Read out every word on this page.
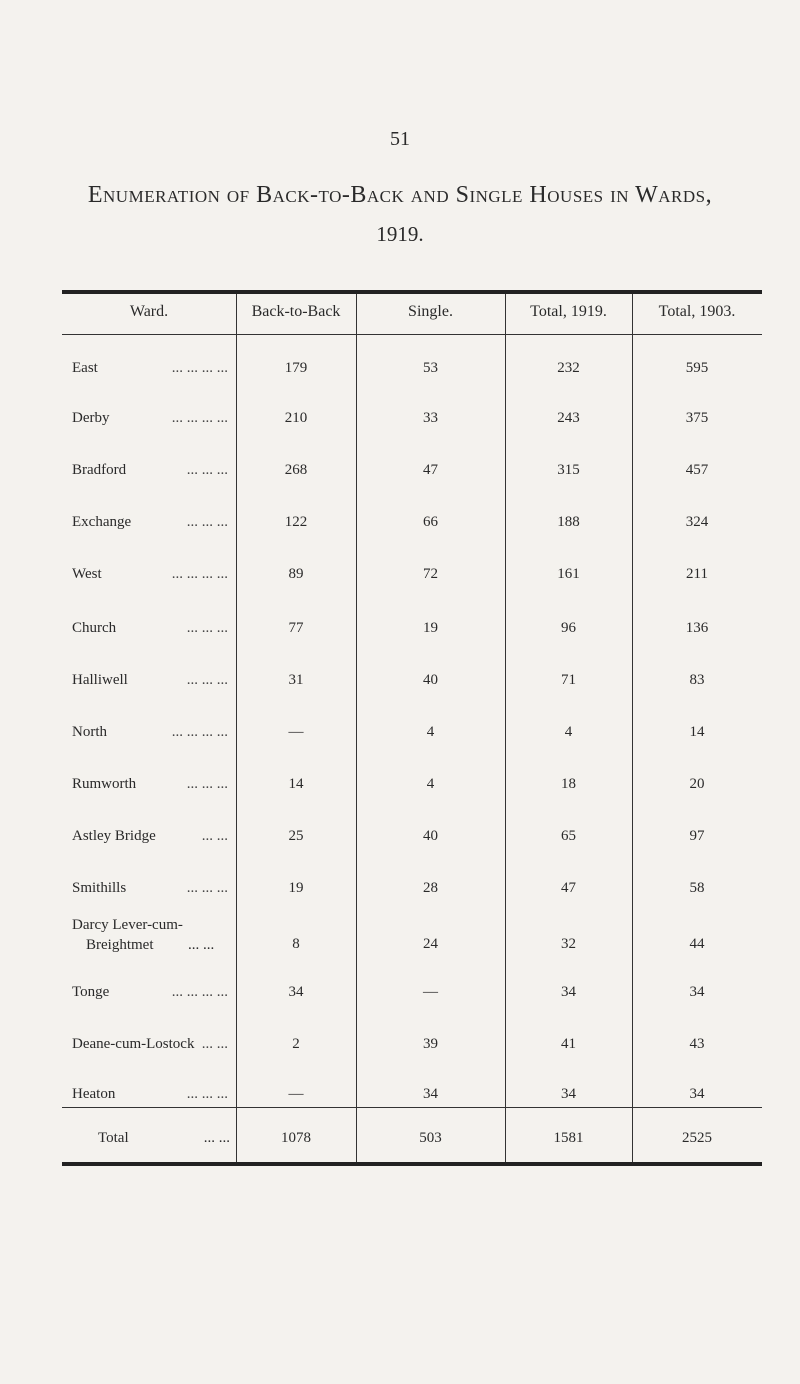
51
Enumeration of Back-to-Back and Single Houses in Wards,
1919.
Ward.	Back-to-Back	Single.	Total, 1919.	Total, 1903.
East	... ... ... ...	179	53	232	595
Derby	... ... ... ...	210	33	243	375
Bradford	... ... ...	268	47	315	457
Exchange	... ... ...	122	66	188	324
West	... ... ... ...	89	72	161	211
Church	... ... ...	77	19	96	136
Halliwell	... ... ...	31	40	71	83
North	... ... ... ...	—	4	4	14
Rumworth	... ... ...	14	4	18	20
Astley Bridge	... ...	25	40	65	97
Smithills	... ... ...	19	28	47	58
Darcy Lever-cum-
Breightmet ... ...	8	24	32	44
Tonge	... ... ... ...	34	—	34	34
Deane-cum-Lostock ... ...	2	39	41	43
Heaton	... ... ...	—	34	34	34
Total	... ...	1078	503	1581	2525
